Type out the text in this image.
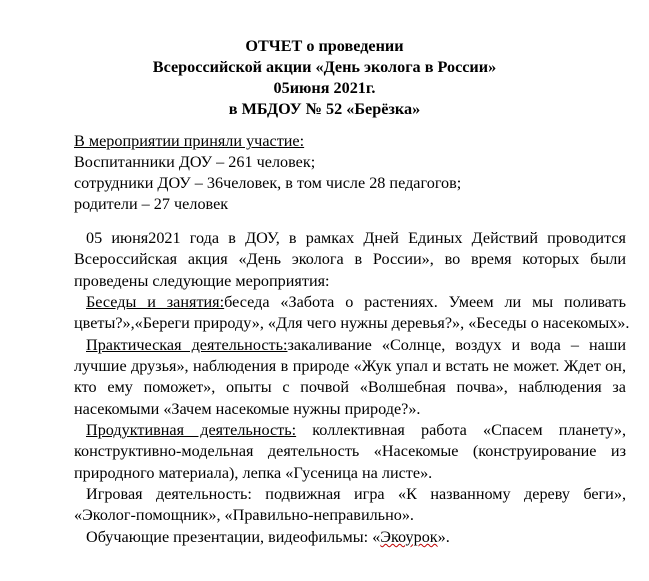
ОТЧЕТ о проведении
Всероссийской акции «День эколога в России»
05июня 2021г.
в МБДОУ № 52 «Берёзка»
В мероприятии приняли участие:
Воспитанники ДОУ – 261 человек;
сотрудники ДОУ – 36человек, в том числе 28 педагогов;
родители – 27 человек
05 июня2021 года в ДОУ, в рамках Дней Единых Действий проводится
Всероссийская акция «День эколога в России», во время которых были
проведены следующие мероприятия:
Беседы и занятия:беседа «Забота о растениях. Умеем ли мы поливать
цветы?»,«Береги природу», «Для чего нужны деревья?», «Беседы о насекомых».
Практическая деятельность:закаливание «Солнце, воздух и вода – наши
лучшие друзья», наблюдения в природе «Жук упал и встать не может. Ждет он,
кто ему поможет», опыты с почвой «Волшебная почва», наблюдения за
насекомыми «Зачем насекомые нужны природе?».
Продуктивная деятельность: коллективная работа «Спасем планету»,
конструктивно-модельная деятельность «Насекомые (конструирование из
природного материала), лепка «Гусеница на листе».
Игровая деятельность: подвижная игра «К названному дереву беги»,
«Эколог-помощник», «Правильно-неправильно».
Обучающие презентации, видеофильмы: «Экоурок».
